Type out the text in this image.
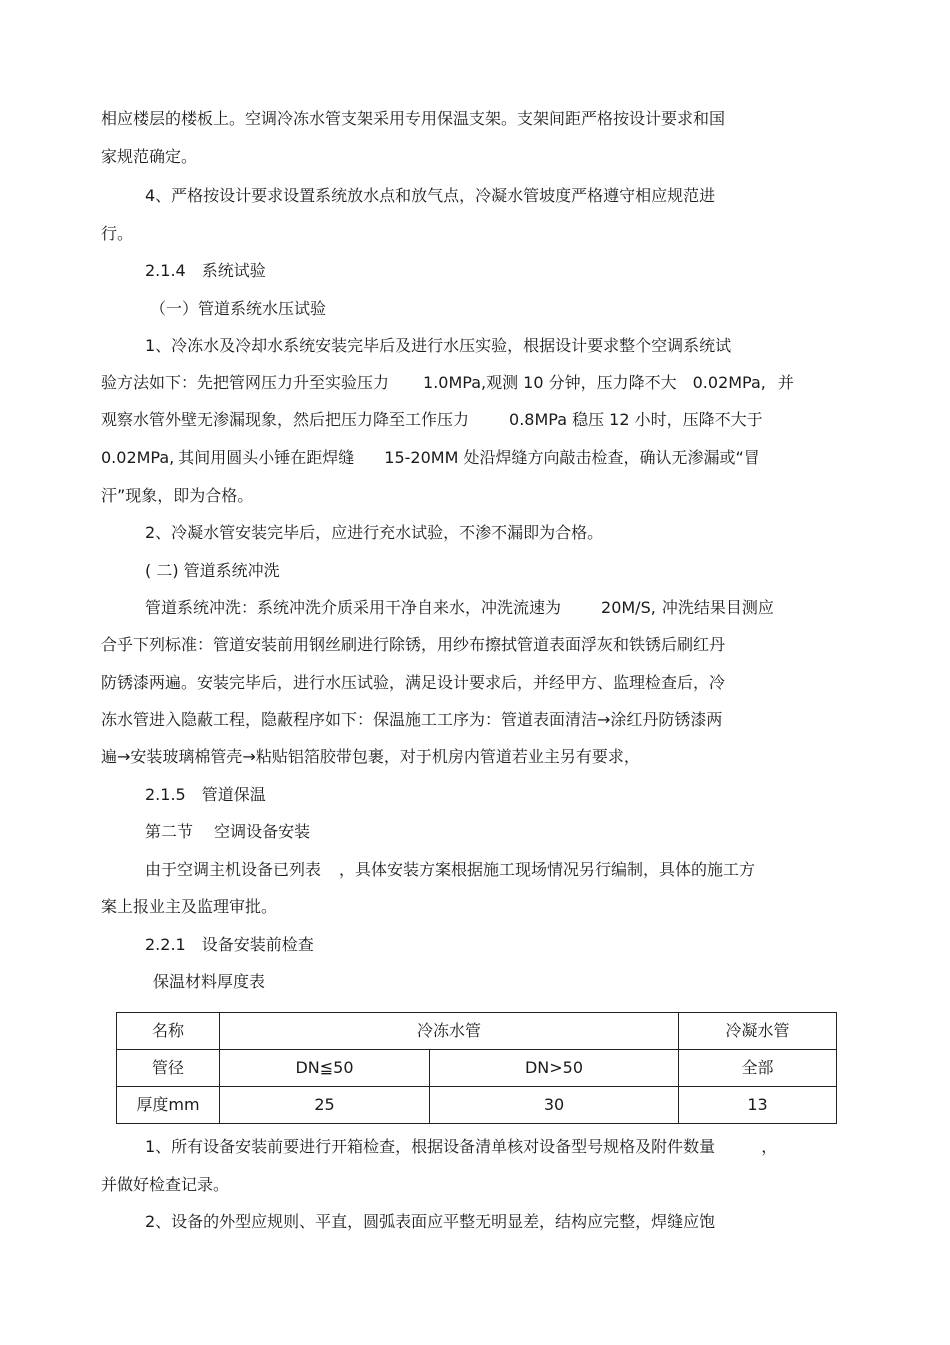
相应楼层的楼板上。空调冷冻水管支架采用专用保温支架。支架间距严格按设计要求和国
家规范确定。
4、严格按设计要求设置系统放水点和放气点，冷凝水管坡度严格遵守相应规范进
行。
2.1.4　系统试验
（一）管道系统水压试验
1、冷冻水及冷却水系统安装完毕后及进行水压实验，根据设计要求整个空调系统试
验方法如下：先把管网压力升至实验压力 1.0MPa,观测 10 分钟，压力降不大 0.02MPa, 并
观察水管外壁无渗漏现象，然后把压力降至工作压力	0.8MPa 稳压 12 小时，压降不大于
0.02MPa, 其间用圆头小锤在距焊缝 15-20MM 处沿焊缝方向敲击检查，确认无渗漏或“冒
汗”现象，即为合格。
2、冷凝水管安装完毕后，应进行充水试验，不渗不漏即为合格。
( 二) 管道系统冲洗
管道系统冲洗：系统冲洗介质采用干净自来水，冲洗流速为	20M/S, 冲洗结果目测应
合乎下列标准：管道安装前用钢丝刷进行除锈，用纱布擦拭管道表面浮灰和铁锈后刷红丹
防锈漆两遍。安装完毕后，进行水压试验，满足设计要求后，并经甲方、监理检查后，冷
冻水管进入隐蔽工程，隐蔽程序如下：保温施工工序为：管道表面清洁→涂红丹防锈漆两
遍→安装玻璃棉管壳→粘贴铝箔胶带包裹，对于机房内管道若业主另有要求，
2.1.5　管道保温
第二节　 空调设备安装
由于空调主机设备已列表 ，具体安装方案根据施工现场情况另行编制，具体的施工方
案上报业主及监理审批。
2.2.1　设备安装前检查
保温材料厚度表
名称	冷冻水管		冷凝水管
管径	DN≦50	DN>50	全部
厚度mm	25	30	13
1、所有设备安装前要进行开箱检查，根据设备清单核对设备型号规格及附件数量	，
并做好检查记录。
2、设备的外型应规则、平直，圆弧表面应平整无明显差，结构应完整，焊缝应饱
